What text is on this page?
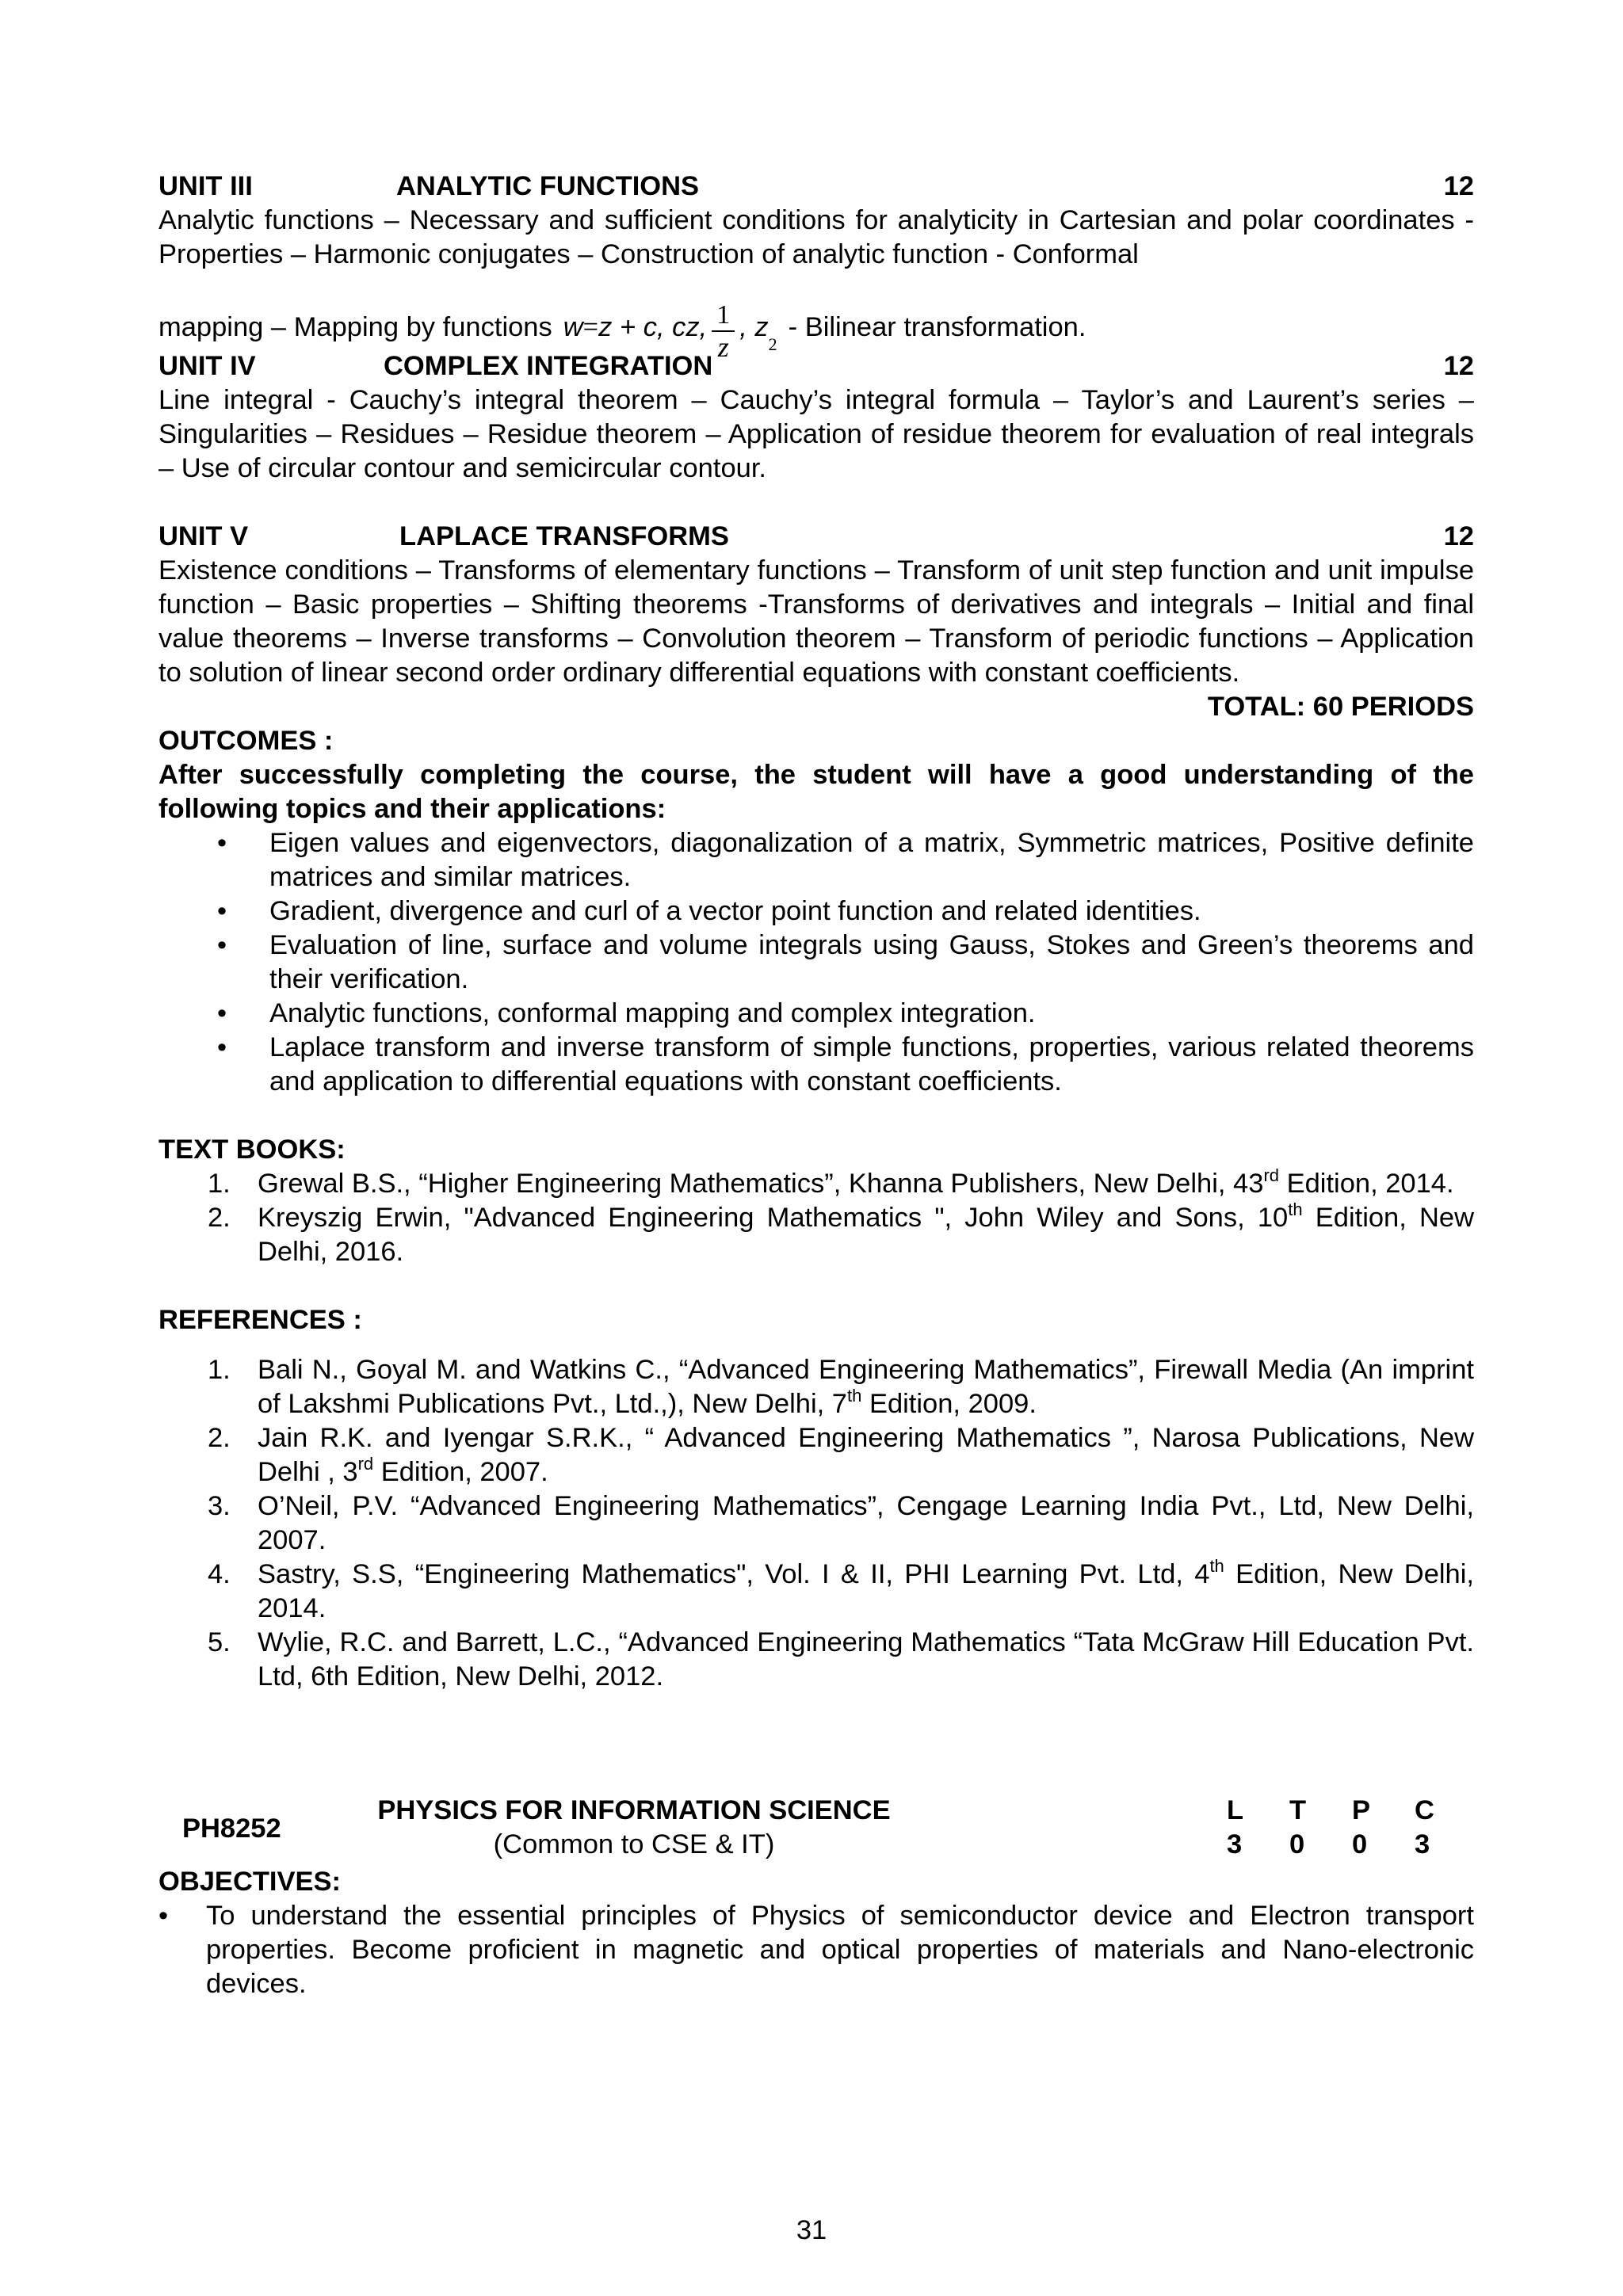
UNIT III	ANALYTIC FUNCTIONS	12
Analytic functions – Necessary and sufficient conditions for analyticity in Cartesian and polar coordinates - Properties – Harmonic conjugates – Construction of analytic function - Conformal
mapping – Mapping by functions w = z + c, cz, $\frac{1}{z}$ , z
2
- Bilinear transformation.
UNIT IV	COMPLEX INTEGRATION	12
Line integral - Cauchy’s integral theorem – Cauchy’s integral formula – Taylor’s and Laurent’s series – Singularities – Residues – Residue theorem – Application of residue theorem for evaluation of real integrals – Use of circular contour and semicircular contour.
UNIT V	LAPLACE TRANSFORMS	12
Existence conditions – Transforms of elementary functions – Transform of unit step function and unit impulse function – Basic properties – Shifting theorems -Transforms of derivatives and integrals – Initial and final value theorems – Inverse transforms – Convolution theorem – Transform of periodic functions – Application to solution of linear second order ordinary differential equations with constant coefficients.
TOTAL: 60 PERIODS
OUTCOMES :
After successfully completing the course, the student will have a good understanding of the following topics and their applications:
• Eigen values and eigenvectors, diagonalization of a matrix, Symmetric matrices, Positive definite matrices and similar matrices.
• Gradient, divergence and curl of a vector point function and related identities.
• Evaluation of line, surface and volume integrals using Gauss, Stokes and Green’s theorems and their verification.
• Analytic functions, conformal mapping and complex integration.
• Laplace transform and inverse transform of simple functions, properties, various related theorems and application to differential equations with constant coefficients.
TEXT BOOKS:
1. Grewal B.S., “Higher Engineering Mathematics”, Khanna Publishers, New Delhi, 43rd Edition, 2014.
2. Kreyszig Erwin, "Advanced Engineering Mathematics ", John Wiley and Sons, 10th Edition, New Delhi, 2016.
REFERENCES :
1. Bali N., Goyal M. and Watkins C., “Advanced Engineering Mathematics”, Firewall Media (An imprint of Lakshmi Publications Pvt., Ltd.,), New Delhi, 7th Edition, 2009.
2. Jain R.K. and Iyengar S.R.K., “ Advanced Engineering Mathematics ”, Narosa Publications, New Delhi , 3rd Edition, 2007.
3. O’Neil, P.V. “Advanced Engineering Mathematics”, Cengage Learning India Pvt., Ltd, New Delhi, 2007.
4. Sastry, S.S, “Engineering Mathematics", Vol. I & II, PHI Learning Pvt. Ltd, 4th Edition, New Delhi, 2014.
5. Wylie, R.C. and Barrett, L.C., “Advanced Engineering Mathematics “Tata McGraw Hill Education Pvt. Ltd, 6th Edition, New Delhi, 2012.
PH8252
PHYSICS FOR INFORMATION SCIENCE
(Common to CSE & IT)
L	T	P	C
3	0	0	3
OBJECTIVES:
• To understand the essential principles of Physics of semiconductor device and Electron transport properties. Become proficient in magnetic and optical properties of materials and Nano-electronic devices.
31
